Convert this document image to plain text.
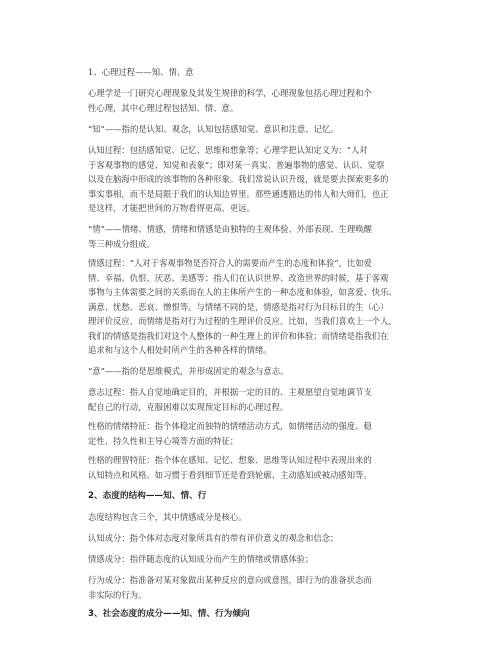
1、心理过程——知、情、意
心理学是一门研究心理现象及其发生规律的科学，心理现象包括心理过程和个
性心理，其中心理过程包括知、情、意。
“知”——指的是认知、观念，认知包括感知觉、意识和注意、记忆。
认知过程：包括感知觉、记忆、思维和想象等；心理学把认知定义为：“人对
于客观事物的感觉、知觉和表象”；即对某一真实、普遍事物的感觉、认识、觉察
以及在脑海中形成的该事物的各种形象。我们常说认识升级，就是要去探索更多的
事实事相，而不是局限于我们的认知边界里。那些通透豁达的伟人和大师们，也正
是这样，才能把世间的万物看得更高、更远。
“情”——情绪、情感，情绪和情感是由独特的主观体验、外部表现、生理唤醒
等三种成分组成。
情感过程：“人对于客观事物是否符合人的需要而产生的态度和体验”，比如爱
情、幸福、仇恨、厌恶、美感等；指人们在认识世界、改造世界的时候，基于客观
事物与主体需要之间的关系而在人的主体所产生的一种态度和体验，如喜爱、快乐、
满意、忧愁、悲哀、憎恨等。与情绪不同的是，情感是指对行为目标目的生（心）
理评价反应，而情绪是指对行为过程的生理评价反应。比如，当我们喜欢上一个人，
我们的情感是指我们对这个人整体的一种生理上的评价和体验；而情绪是指我们在
追求和与这个人相处时所产生的各种各样的情绪。
“意”——指的是思维模式，并形成固定的观念与意志。
意志过程：指人自觉地确定目的，并根据一定的目的、主观愿望自觉地调节支
配自己的行动，克服困难以实现预定目标的心理过程。
性格的情绪特征：指个体稳定而独特的情绪活动方式，如情绪活动的强度、稳
定性、持久性和主导心境等方面的特征；
性格的理智特征：指个体在感知、记忆、想象、思维等认知过程中表现出来的
认知特点和风格。如习惯于看到细节还是看到轮廓、主动感知或被动感知等。
2、态度的结构——知、情、行
态度结构包含三个，其中情感成分是核心。
认知成分：指个体对态度对象所具有的带有评价意义的观念和信念；
情感成分：指伴随态度的认知成分而产生的情绪或情感体验；
行为成分：指准备对某对象做出某种反应的意向或意图，即行为的准备状态而
非实际的行为。
3、社会态度的成分——知、情、行为倾向
